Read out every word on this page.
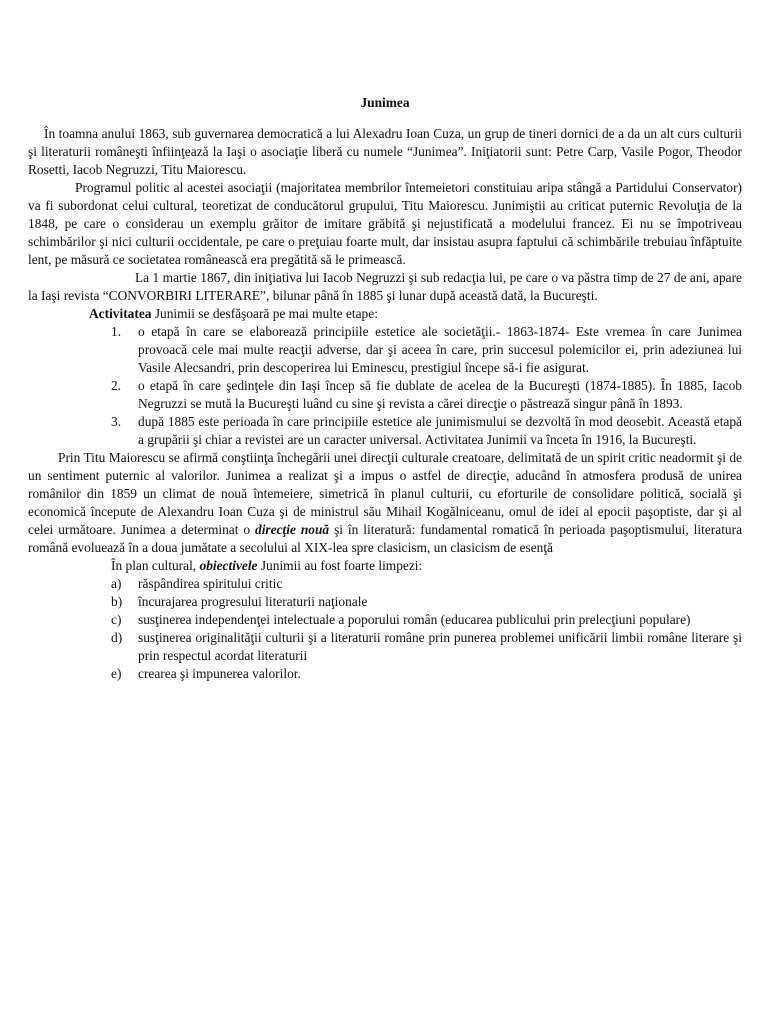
Junimea

În toamna anului 1863, sub guvernarea democratică a lui Alexadru Ioan Cuza, un grup de tineri dornici de a da un alt curs culturii şi literaturii româneşti înfiinţează la Iaşi o asociaţie liberă cu numele “Junimea”. Iniţiatorii sunt: Petre Carp, Vasile Pogor, Theodor Rosetti, Iacob Negruzzi, Titu Maiorescu.

Programul politic al acestei asociaţii (majoritatea membrilor întemeietori constituiau aripa stângă a Partidului Conservator) va fi subordonat celui cultural, teoretizat de conducătorul grupului, Titu Maiorescu. Junimiştii au criticat puternic Revoluţia de la 1848, pe care o considerau un exemplu grăitor de imitare grăbită şi nejustificată a modelului francez. Ei nu se împotriveau schimbărilor şi nici culturii occidentale, pe care o preţuiau foarte mult, dar insistau asupra faptului că schimbările trebuiau înfăptuite lent, pe măsură ce societatea românească era pregătită să le primească.

La 1 martie 1867, din iniţiativa lui Iacob Negruzzi şi sub redacţia lui, pe care o va păstra timp de 27 de ani, apare la Iaşi revista “CONVORBIRI LITERARE”, bilunar până în 1885 şi lunar după această dată, la Bucureşti.

Activitatea Junimii se desfăşoară pe mai multe etape:

1. o etapă în care se elaborează principiile estetice ale societăţii.- 1863-1874- Este vremea în care Junimea provoacă cele mai multe reacţii adverse, dar şi aceea în care, prin succesul polemicilor ei, prin adeziunea lui Vasile Alecsandri, prin descoperirea lui Eminescu, prestigiul începe să-i fie asigurat.
2. o etapă în care şedinţele din Iaşi încep să fie dublate de acelea de la Bucureşti (1874-1885). În 1885, Iacob Negruzzi se mută la Bucureşti luând cu sine şi revista a cărei direcţie o păstrează singur până în 1893.
3. după 1885 este perioada în care principiile estetice ale junimismului se dezvoltă în mod deosebit. Această etapă a grupării şi chiar a revistei are un caracter universal. Activitatea Junimii va înceta în 1916, la Bucureşti.

Prin Titu Maiorescu se afirmă conştiinţa închegării unei direcţii culturale creatoare, delimitată de un spirit critic neadormit şi de un sentiment puternic al valorilor. Junimea a realizat şi a impus o astfel de direcţie, aducând în atmosfera produsă de unirea românilor din 1859 un climat de nouă întemeiere, simetrică în planul culturii, cu eforturile de consolidare politică, socială şi economică începute de Alexandru Ioan Cuza şi de ministrul său Mihail Kogălniceanu, omul de idei al epocii paşoptiste, dar şi al celei următoare. Junimea a determinat o direcţie nouă şi în literatură: fundamental romatică în perioada paşoptismului, literatura română evoluează în a doua jumătate a secolului al XIX-lea spre clasicism, un clasicism de esenţă

În plan cultural, obiectivele Junimii au fost foarte limpezi:

a) răspândirea spiritului critic
b) încurajarea progresului literaturii naţionale
c) susţinerea independenţei intelectuale a poporului român (educarea publicului prin prelecţiuni populare)
d) susţinerea originalităţii culturii şi a literaturii române prin punerea problemei unificării limbii române literare şi prin respectul acordat literaturii
e) crearea şi impunerea valorilor.
